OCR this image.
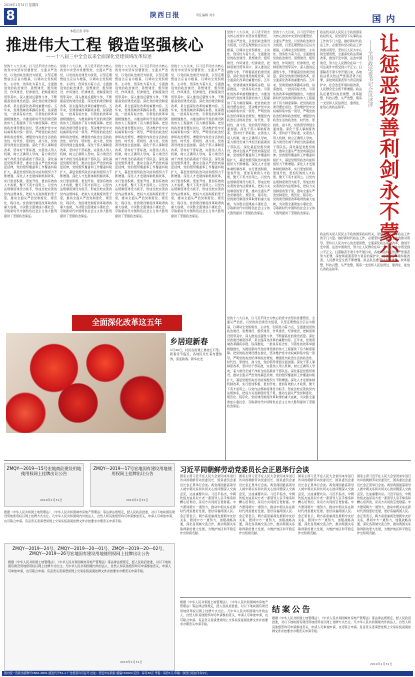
2019年1月31日 星期四
8	陕西日报	责任编辑 刘丰	国内
本报记者 李华
推进伟大工程 锻造坚强核心
——十八届三中全会以来全面深化党建领域改革综述
党的十八大以来，以习近平同志为核心的党中央坚持党要管党、全面从严治党，以党的政治建设为统领，以坚定理想信念宗旨为根基，以调动全党积极性、主动性、创造性为着力点，全面推进党的政治建设、思想建设、组织建设、作风建设、纪律建设，把制度建设贯穿其中，深入推进反腐败斗争，不断提高党的建设质量。深化党的建设制度改革，是全面深化改革的重要内容。五年来，党建领域改革蹄疾步稳、纵深推进，一批具有标志性、引领性的改革举措相继推出，为推进新时代党的建设新的伟大工程提供了有力制度保障。把党的政治建设摆在首位，坚决维护党中央权威和集中统一领导，严明党的政治纪律和政治规矩，增强党内政治生活的政治性、时代性、原则性、战斗性，党的领导得到全面加强。深化干部人事制度改革，坚持好干部标准，完善选人用人机制，树立正确用人导向，着力建设忠诚干净担当的高素质干部队伍。深化基层党组织建设，推动全面从严治党向基层延伸，党的组织覆盖和工作覆盖持续扩大，基层党组织政治功能和组织力不断增强。深化人才发展体制机制改革，实行更加积极、更加开放、更加有效的人才政策，聚天下英才而用之。以党内法规制度建设为抓手，形成比较完善的党内法规体系，把权力关进制度的笼子里，推动全面从严治党制度化、规范化、程序化。党的建设制度改革取得的重大成就，为决胜全面建成小康社会、夺取新时代中国特色社会主义伟大胜利提供了坚强政治保证。
党的十八大以来，以习近平同志为核心的党中央坚持党要管党、全面从严治党，以党的政治建设为统领，以坚定理想信念宗旨为根基，以调动全党积极性、主动性、创造性为着力点，全面推进党的政治建设、思想建设、组织建设、作风建设、纪律建设，把制度建设贯穿其中，深入推进反腐败斗争，不断提高党的建设质量。深化党的建设制度改革，是全面深化改革的重要内容。五年来，党建领域改革蹄疾步稳、纵深推进，一批具有标志性、引领性的改革举措相继推出，为推进新时代党的建设新的伟大工程提供了有力制度保障。把党的政治建设摆在首位，坚决维护党中央权威和集中统一领导，严明党的政治纪律和政治规矩，增强党内政治生活的政治性、时代性、原则性、战斗性，党的领导得到全面加强。深化干部人事制度改革，坚持好干部标准，完善选人用人机制，树立正确用人导向，着力建设忠诚干净担当的高素质干部队伍。深化基层党组织建设，推动全面从严治党向基层延伸，党的组织覆盖和工作覆盖持续扩大，基层党组织政治功能和组织力不断增强。深化人才发展体制机制改革，实行更加积极、更加开放、更加有效的人才政策，聚天下英才而用之。以党内法规制度建设为抓手，形成比较完善的党内法规体系，把权力关进制度的笼子里，推动全面从严治党制度化、规范化、程序化。党的建设制度改革取得的重大成就，为决胜全面建成小康社会、夺取新时代中国特色社会主义伟大胜利提供了坚强政治保证。
党的十八大以来，以习近平同志为核心的党中央坚持党要管党、全面从严治党，以党的政治建设为统领，以坚定理想信念宗旨为根基，以调动全党积极性、主动性、创造性为着力点，全面推进党的政治建设、思想建设、组织建设、作风建设、纪律建设，把制度建设贯穿其中，深入推进反腐败斗争，不断提高党的建设质量。深化党的建设制度改革，是全面深化改革的重要内容。五年来，党建领域改革蹄疾步稳、纵深推进，一批具有标志性、引领性的改革举措相继推出，为推进新时代党的建设新的伟大工程提供了有力制度保障。把党的政治建设摆在首位，坚决维护党中央权威和集中统一领导，严明党的政治纪律和政治规矩，增强党内政治生活的政治性、时代性、原则性、战斗性，党的领导得到全面加强。深化干部人事制度改革，坚持好干部标准，完善选人用人机制，树立正确用人导向，着力建设忠诚干净担当的高素质干部队伍。深化基层党组织建设，推动全面从严治党向基层延伸，党的组织覆盖和工作覆盖持续扩大，基层党组织政治功能和组织力不断增强。深化人才发展体制机制改革，实行更加积极、更加开放、更加有效的人才政策，聚天下英才而用之。以党内法规制度建设为抓手，形成比较完善的党内法规体系，把权力关进制度的笼子里，推动全面从严治党制度化、规范化、程序化。党的建设制度改革取得的重大成就，为决胜全面建成小康社会、夺取新时代中国特色社会主义伟大胜利提供了坚强政治保证。
党的十八大以来，以习近平同志为核心的党中央坚持党要管党、全面从严治党，以党的政治建设为统领，以坚定理想信念宗旨为根基，以调动全党积极性、主动性、创造性为着力点，全面推进党的政治建设、思想建设、组织建设、作风建设、纪律建设，把制度建设贯穿其中，深入推进反腐败斗争，不断提高党的建设质量。深化党的建设制度改革，是全面深化改革的重要内容。五年来，党建领域改革蹄疾步稳、纵深推进，一批具有标志性、引领性的改革举措相继推出，为推进新时代党的建设新的伟大工程提供了有力制度保障。把党的政治建设摆在首位，坚决维护党中央权威和集中统一领导，严明党的政治纪律和政治规矩，增强党内政治生活的政治性、时代性、原则性、战斗性，党的领导得到全面加强。深化干部人事制度改革，坚持好干部标准，完善选人用人机制，树立正确用人导向，着力建设忠诚干净担当的高素质干部队伍。深化基层党组织建设，推动全面从严治党向基层延伸，党的组织覆盖和工作覆盖持续扩大，基层党组织政治功能和组织力不断增强。深化人才发展体制机制改革，实行更加积极、更加开放、更加有效的人才政策，聚天下英才而用之。以党内法规制度建设为抓手，形成比较完善的党内法规体系，把权力关进制度的笼子里，推动全面从严治党制度化、规范化、程序化。党的建设制度改革取得的重大成就，为决胜全面建成小康社会、夺取新时代中国特色社会主义伟大胜利提供了坚强政治保证。
党的十八大以来，以习近平同志为核心的党中央坚持党要管党、全面从严治党，以党的政治建设为统领，以坚定理想信念宗旨为根基，以调动全党积极性、主动性、创造性为着力点，全面推进党的政治建设、思想建设、组织建设、作风建设、纪律建设，把制度建设贯穿其中，深入推进反腐败斗争，不断提高党的建设质量。深化党的建设制度改革，是全面深化改革的重要内容。五年来，党建领域改革蹄疾步稳、纵深推进，一批具有标志性、引领性的改革举措相继推出，为推进新时代党的建设新的伟大工程提供了有力制度保障。把党的政治建设摆在首位，坚决维护党中央权威和集中统一领导，严明党的政治纪律和政治规矩，增强党内政治生活的政治性、时代性、原则性、战斗性，党的领导得到全面加强。深化干部人事制度改革，坚持好干部标准，完善选人用人机制，树立正确用人导向，着力建设忠诚干净担当的高素质干部队伍。深化基层党组织建设，推动全面从严治党向基层延伸，党的组织覆盖和工作覆盖持续扩大，基层党组织政治功能和组织力不断增强。深化人才发展体制机制改革，实行更加积极、更加开放、更加有效的人才政策，聚天下英才而用之。以党内法规制度建设为抓手，形成比较完善的党内法规体系，把权力关进制度的笼子里，推动全面从严治党制度化、规范化、程序化。党的建设制度改革取得的重大成就，为决胜全面建成小康社会、夺取新时代中国特色社会主义伟大胜利提供了坚强政治保证。
党的十八大以来，以习近平同志为核心的党中央坚持党要管党、全面从严治党，以党的政治建设为统领，以坚定理想信念宗旨为根基，以调动全党积极性、主动性、创造性为着力点，全面推进党的政治建设、思想建设、组织建设、作风建设、纪律建设，把制度建设贯穿其中，深入推进反腐败斗争，不断提高党的建设质量。深化党的建设制度改革，是全面深化改革的重要内容。五年来，党建领域改革蹄疾步稳、纵深推进，一批具有标志性、引领性的改革举措相继推出，为推进新时代党的建设新的伟大工程提供了有力制度保障。把党的政治建设摆在首位，坚决维护党中央权威和集中统一领导，严明党的政治纪律和政治规矩，增强党内政治生活的政治性、时代性、原则性、战斗性，党的领导得到全面加强。深化干部人事制度改革，坚持好干部标准，完善选人用人机制，树立正确用人导向，着力建设忠诚干净担当的高素质干部队伍。深化基层党组织建设，推动全面从严治党向基层延伸，党的组织覆盖和工作覆盖持续扩大，基层党组织政治功能和组织力不断增强。深化人才发展体制机制改革，实行更加积极、更加开放、更加有效的人才政策，聚天下英才而用之。以党内法规制度建设为抓手，形成比较完善的党内法规体系，把权力关进制度的笼子里，推动全面从严治党制度化、规范化、程序化。党的建设制度改革取得的重大成就，为决胜全面建成小康社会、夺取新时代中国特色社会主义伟大胜利提供了坚强政治保证。	让惩恶扬善利剑永不蒙尘
——全国政法委书记会议述评
政法机关是人民民主专政的国家政权机关，是党领导下从事政法工作的专门力量。做好新时代政法工作，必须坚持党对政法工作的绝对领导，坚持以人民为中心的发展思想，全面深化政法领域改革，推进平安中国、法治中国建设，努力让人民群众在每一个司法案件中感受到公平正义。扫黑除恶专项斗争开展以来，各地政法机关依法严惩黑恶势力犯罪，深挖彻查黑恶势力背后的保护伞，社会治安环境持续改善，人民群众安全感不断增强。政法队伍要坚持政治建警、改革强警、科技兴警、从严治警，锻造一支党和人民信得过、靠得住、能放心的政法铁军。
政法机关是人民民主专政的国家政权机关，是党领导下从事政法工作的专门力量。做好新时代政法工作，必须坚持党对政法工作的绝对领导，坚持以人民为中心的发展思想，全面深化政法领域改革，推进平安中国、法治中国建设，努力让人民群众在每一个司法案件中感受到公平正义。扫黑除恶专项斗争开展以来，各地政法机关依法严惩黑恶势力犯罪，深挖彻查黑恶势力背后的保护伞，社会治安环境持续改善，人民群众安全感不断增强。政法队伍要坚持政治建警、改革强警、科技兴警、从严治警，锻造一支党和人民信得过、靠得住、能放心的政法铁军。
全面深化改革这五年
乡居迎新春
1月30日，村民在街道上悬挂红灯笼。新春佳节临近，各地民众忙着布置装饰，喜迎新春。新华社发
党的十八大以来，以习近平同志为核心的党中央坚持党要管党、全面从严治党，以党的政治建设为统领，以坚定理想信念宗旨为根基，以调动全党积极性、主动性、创造性为着力点，全面推进党的政治建设、思想建设、组织建设、作风建设、纪律建设，把制度建设贯穿其中，深入推进反腐败斗争，不断提高党的建设质量。深化党的建设制度改革，是全面深化改革的重要内容。五年来，党建领域改革蹄疾步稳、纵深推进，一批具有标志性、引领性的改革举措相继推出，为推进新时代党的建设新的伟大工程提供了有力制度保障。把党的政治建设摆在首位，坚决维护党中央权威和集中统一领导，严明党的政治纪律和政治规矩，增强党内政治生活的政治性、时代性、原则性、战斗性，党的领导得到全面加强。深化干部人事制度改革，坚持好干部标准，完善选人用人机制，树立正确用人导向，着力建设忠诚干净担当的高素质干部队伍。深化基层党组织建设，推动全面从严治党向基层延伸，党的组织覆盖和工作覆盖持续扩大，基层党组织政治功能和组织力不断增强。深化人才发展体制机制改革，实行更加积极、更加开放、更加有效的人才政策，聚天下英才而用之。以党内法规制度建设为抓手，形成比较完善的党内法规体系，把权力关进制度的笼子里，推动全面从严治党制度化、规范化、程序化。党的建设制度改革取得的重大成就，为决胜全面建成小康社会、夺取新时代中国特色社会主义伟大胜利提供了坚强政治保证。
ZMQY—2019—15号宏地商砼建设用地使用权网上挂牌出让公告
2019年1月31日
ZMQY—2019—17号宏地国有建设用地使用权网上挂牌出让公告
2019年1月31日
根据《中华人民共和国土地管理法》、《中华人民共和国城市房地产管理法》等法律法规规定，经人民政府批准，对以下地块国有建设用地使用权以网上挂牌方式出让。凡中华人民共和国境内外的法人、自然人和其他组织均可申请参加竞买，申请人可单独申请，也可联合申请。有意竞买者请登录网上交易系统查阅挂牌文件并按要求办理竞买申请手续。
ZMQY—2019—24号、ZMQY—2019—20—01号、ZMQY—2019—20—02号、ZMQY—2019—26号宏地国有建设用地使用权网上挂牌出让公告
根据《中华人民共和国土地管理法》、《中华人民共和国城市房地产管理法》等法律法规规定，经人民政府批准，对以下地块国有建设用地使用权以网上挂牌方式出让。凡中华人民共和国境内外的法人、自然人和其他组织均可申请参加竞买，申请人可单独申请，也可联合申请。有意竞买者请登录网上交易系统查阅挂牌文件并按要求办理竞买申请手续。
2019年1月31日
习近平同朝鲜劳动党委员长会正恩举行会谈
国家主席习近平在人民大会堂同来华进行访问的朝鲜劳动党委员长、国务委员会委员长金正恩举行会谈。两党两国最高领导人就中朝关系和共同关心的问题深入交换意见，达成重要共识。习近平指出，中朝传统友谊是双方老一辈领导人亲手缔造和精心培育的，是双方共同的宝贵财富。中方愿同朝方一道努力，推动中朝关系在新时代得到更好发展，更好造福两国人民。金正恩表示，朝方高度重视发展朝中友好关系，愿同中方一道努力，加强战略沟通，深化各领域交流合作，推动两国关系取得新的更大发展，为维护地区和平稳定作出积极贡献。
国家主席习近平在人民大会堂同来华进行访问的朝鲜劳动党委员长、国务委员会委员长金正恩举行会谈。两党两国最高领导人就中朝关系和共同关心的问题深入交换意见，达成重要共识。习近平指出，中朝传统友谊是双方老一辈领导人亲手缔造和精心培育的，是双方共同的宝贵财富。中方愿同朝方一道努力，推动中朝关系在新时代得到更好发展，更好造福两国人民。金正恩表示，朝方高度重视发展朝中友好关系，愿同中方一道努力，加强战略沟通，深化各领域交流合作，推动两国关系取得新的更大发展，为维护地区和平稳定作出积极贡献。
国家主席习近平在人民大会堂同来华进行访问的朝鲜劳动党委员长、国务委员会委员长金正恩举行会谈。两党两国最高领导人就中朝关系和共同关心的问题深入交换意见，达成重要共识。习近平指出，中朝传统友谊是双方老一辈领导人亲手缔造和精心培育的，是双方共同的宝贵财富。中方愿同朝方一道努力，推动中朝关系在新时代得到更好发展，更好造福两国人民。金正恩表示，朝方高度重视发展朝中友好关系，愿同中方一道努力，加强战略沟通，深化各领域交流合作，推动两国关系取得新的更大发展，为维护地区和平稳定作出积极贡献。
国家主席习近平在人民大会堂同来华进行访问的朝鲜劳动党委员长、国务委员会委员长金正恩举行会谈。两党两国最高领导人就中朝关系和共同关心的问题深入交换意见，达成重要共识。习近平指出，中朝传统友谊是双方老一辈领导人亲手缔造和精心培育的，是双方共同的宝贵财富。中方愿同朝方一道努力，推动中朝关系在新时代得到更好发展，更好造福两国人民。金正恩表示，朝方高度重视发展朝中友好关系，愿同中方一道努力，加强战略沟通，深化各领域交流合作，推动两国关系取得新的更大发展，为维护地区和平稳定作出积极贡献。
根据《中华人民共和国土地管理法》、《中华人民共和国城市房地产管理法》等法律法规规定，经人民政府批准，对以下地块国有建设用地使用权以网上挂牌方式出让。凡中华人民共和国境内外的法人、自然人和其他组织均可申请参加竞买，申请人可单独申请，也可联合申请。有意竞买者请登录网上交易系统查阅挂牌文件并按要求办理竞买申请手续。
结案公告
根据《中华人民共和国土地管理法》、《中华人民共和国城市房地产管理法》等法律法规规定，经人民政府批准，对以下地块国有建设用地使用权以网上挂牌方式出让。凡中华人民共和国境内外的法人、自然人和其他组织均可申请参加竞买，申请人可单独申请，也可联合申请。有意竞买者请登录网上交易系统查阅挂牌文件并按要求办理竞买申请手续。
2019年1月31日
国内统一连续出版物号CN61-0001 邮发代号51-1 广告经营许可证号 社址：西安市东新街 邮编710004 定价：每月30元 零售：每份1元 印刷：陕西日报社印务中心
